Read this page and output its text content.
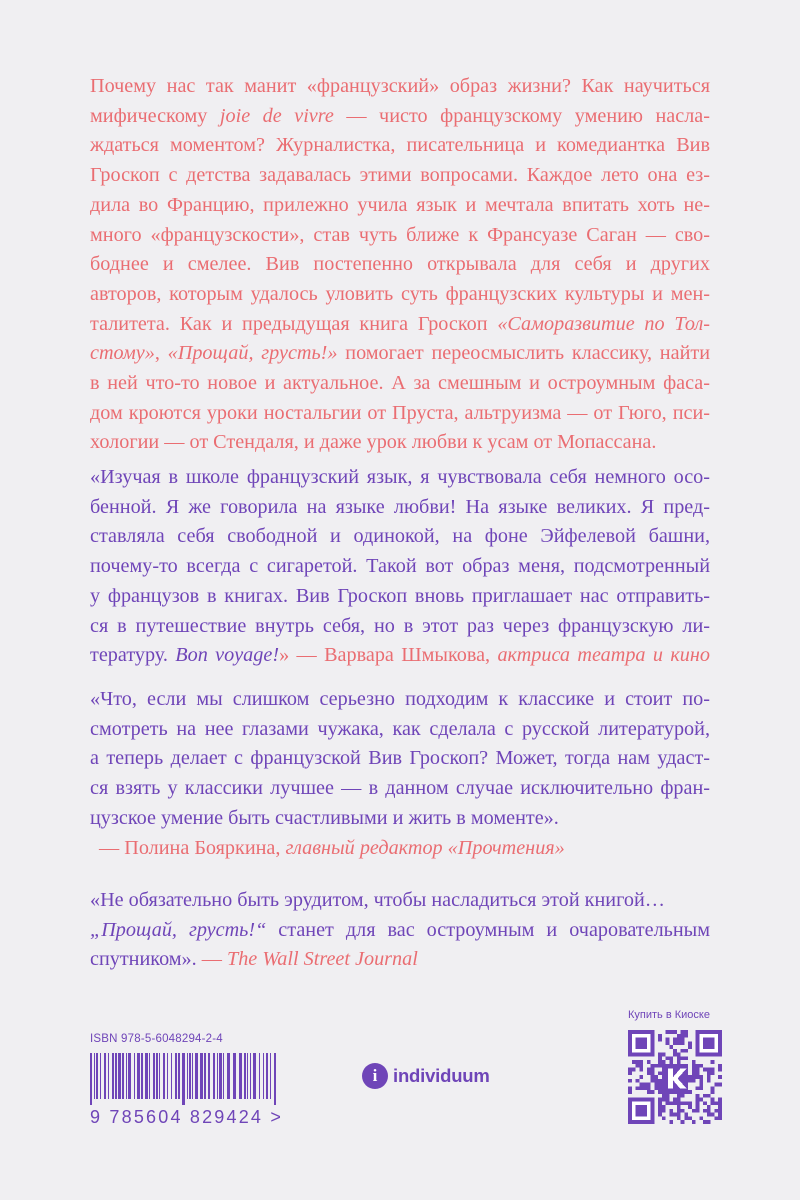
Почему нас так манит «французский» образ жизни? Как научиться
мифическому joie de vivre — чисто французскому умению насла-
ждаться моментом? Журналистка, писательница и комедиантка Вив
Гроскоп с детства задавалась этими вопросами. Каждое лето она ез-
дила во Францию, прилежно учила язык и мечтала впитать хоть не-
много «французскости», став чуть ближе к Франсуазе Саган — сво-
боднее и смелее. Вив постепенно открывала для себя и других
авторов, которым удалось уловить суть французских культуры и мен-
талитета. Как и предыдущая книга Гроскоп «Саморазвитие по Тол-
стому», «Прощай, грусть!» помогает переосмыслить классику, найти
в ней что-то новое и актуальное. А за смешным и остроумным фаса-
дом кроются уроки ностальгии от Пруста, альтруизма — от Гюго, пси-
хологии — от Стендаля, и даже урок любви к усам от Мопассана.

«Изучая в школе французский язык, я чувствовала себя немного осо-
бенной. Я же говорила на языке любви! На языке великих. Я пред-
ставляла себя свободной и одинокой, на фоне Эйфелевой башни,
почему-то всегда с сигаретой. Такой вот образ меня, подсмотренный
у французов в книгах. Вив Гроскоп вновь приглашает нас отправить-
ся в путешествие внутрь себя, но в этот раз через французскую ли-
тературу. Bon voyage!» — Варвара Шмыкова, актриса театра и кино

«Что, если мы слишком серьезно подходим к классике и стоит по-
смотреть на нее глазами чужака, как сделала с русской литературой,
а теперь делает с французской Вив Гроскоп? Может, тогда нам удаст-
ся взять у классики лучшее — в данном случае исключительно фран-
цузское умение быть счастливыми и жить в моменте».
— Полина Бояркина, главный редактор «Прочтения»

«Не обязательно быть эрудитом, чтобы насладиться этой книгой…
„Прощай, грусть!“ станет для вас остроумным и очаровательным
спутником». — The Wall Street Journal

ISBN 978-5-6048294-2-4
9 785604 829424 >
i individuum
Купить в Киоске
